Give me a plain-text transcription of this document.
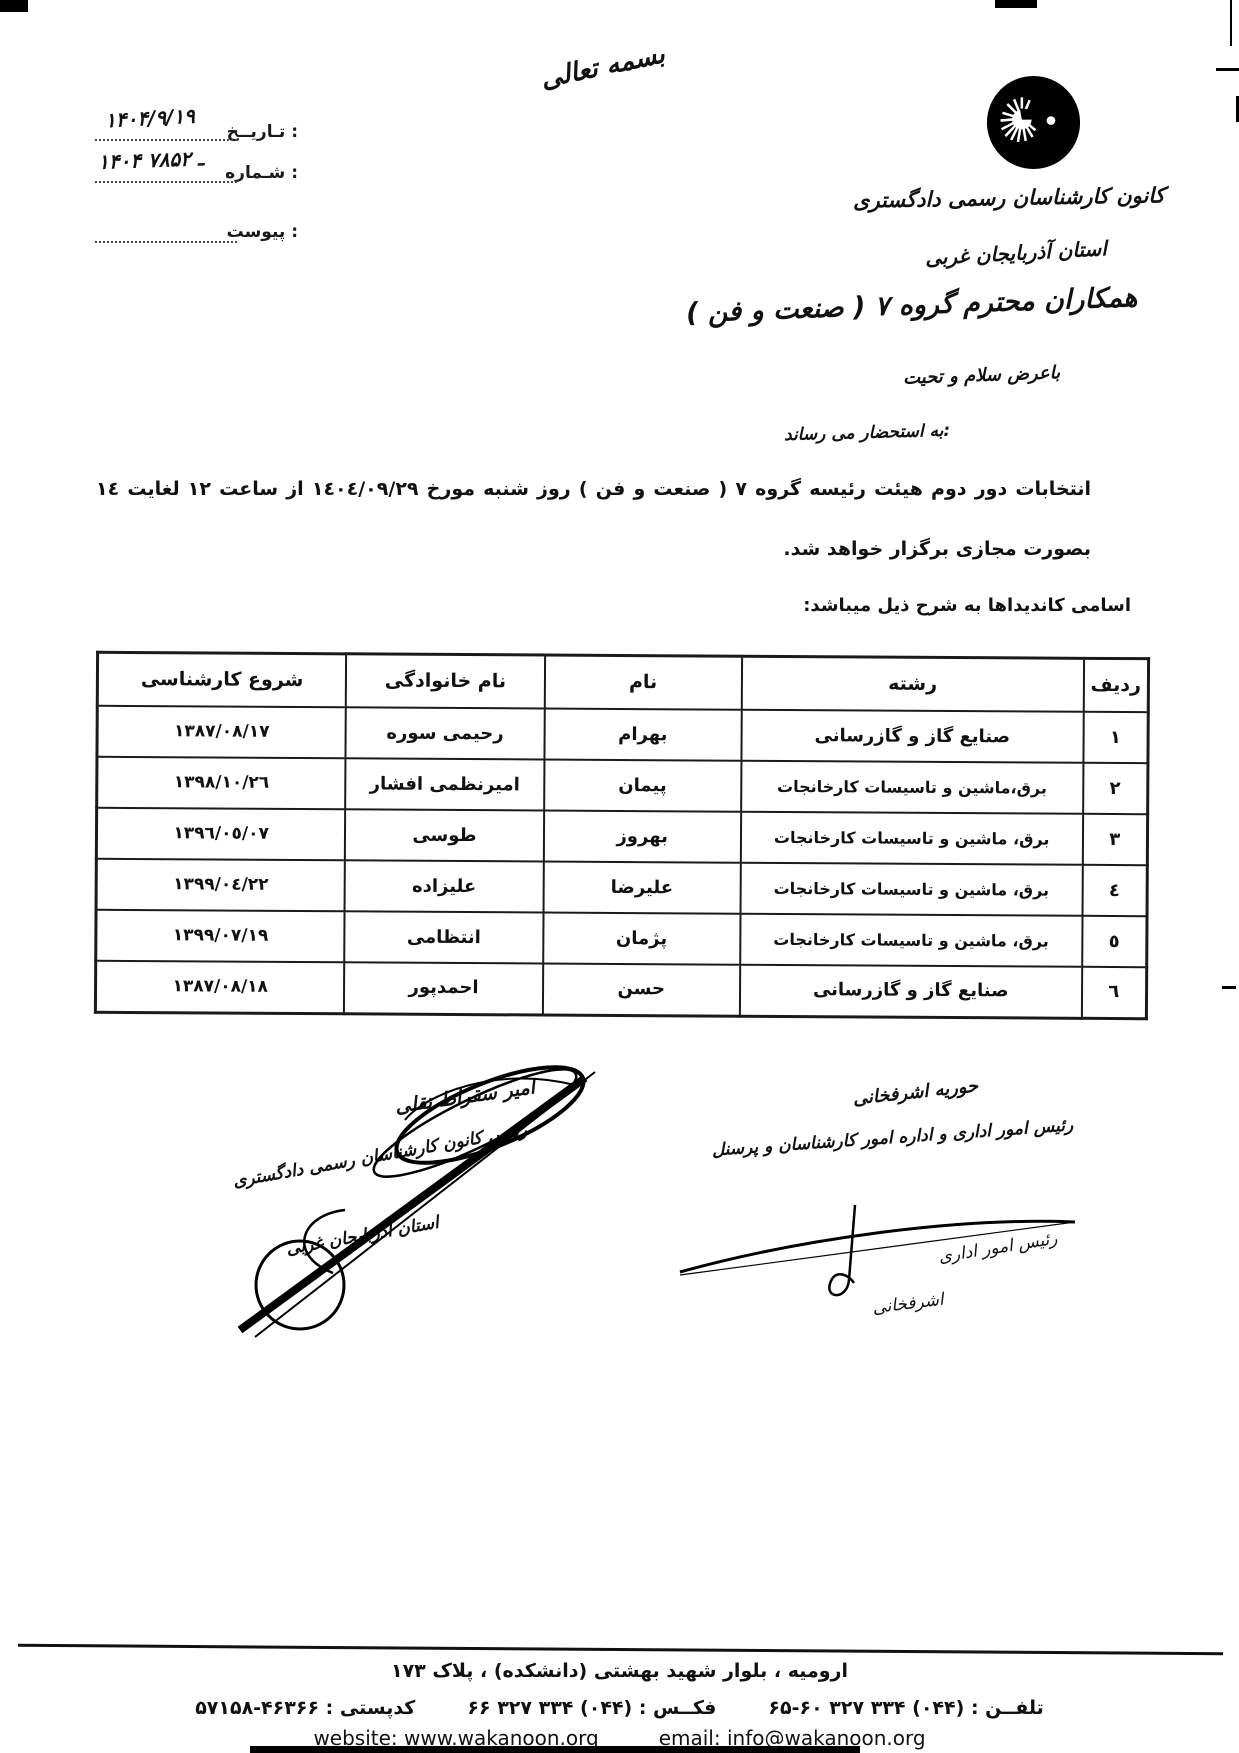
بسمه تعالی
تـاريــخ :
۱۴۰۴/۹/۱۹
شـماره :
۱۴۰۴ ـ ۷۸۵۲
پیوست :
کانون کارشناسان رسمی دادگستری
استان آذربایجان غربی
همکاران محترم گروه ۷ ( صنعت و فن )
باعرض سلام و تحیت
به استحضار می رساند:
انتخابات دور دوم هیئت رئیسه گروه ۷ ( صنعت و فن ) روز شنبه مورخ ١٤٠٤/٠٩/٢٩ از ساعت ١٢ لغایت ١٤
بصورت مجازی برگزار خواهد شد.
اسامی کاندیداها به شرح ذیل میباشد:
ردیف	رشته	نام	نام خانوادگی	شروع کارشناسی
١	صنایع گاز و گازرسانی	بهرام	رحیمی سوره	١٣٨٧/٠٨/١٧
٢	برق،ماشین و تاسیسات کارخانجات	پیمان	امیرنظمی افشار	١٣٩٨/١٠/٢٦
٣	برق، ماشین و تاسیسات کارخانجات	بهروز	طوسی	١٣٩٦/٠٥/٠٧
٤	برق، ماشین و تاسیسات کارخانجات	علیرضا	علیزاده	١٣٩٩/٠٤/٢٢
٥	برق، ماشین و تاسیسات کارخانجات	پژمان	انتظامی	١٣٩٩/٠٧/١٩
٦	صنایع گاز و گازرسانی	حسن	احمدپور	١٣٨٧/٠٨/١٨
امیر سقراط تقلی
رئیس کانون کارشناسان رسمی دادگستری
استان آذربایجان غربی
حوریه اشرفخانی
رئیس امور اداری و اداره امور کارشناسان و پرسنل
رئیس امور اداری
اشرفخانی
ارومیه ، بلوار شهید بهشتی (دانشکده) ، پلاک ۱۷۳
تلفــن : (۰۴۴) ۳۳۴ ۳۲۷ ۶۰-۶۵
فکــس : (۰۴۴) ۳۳۴ ۳۲۷ ۶۶
کدپستی : ۵۷۱۵۸-۴۶۳۶۶
website: www.wakanoon.org	email: info@wakanoon.org
